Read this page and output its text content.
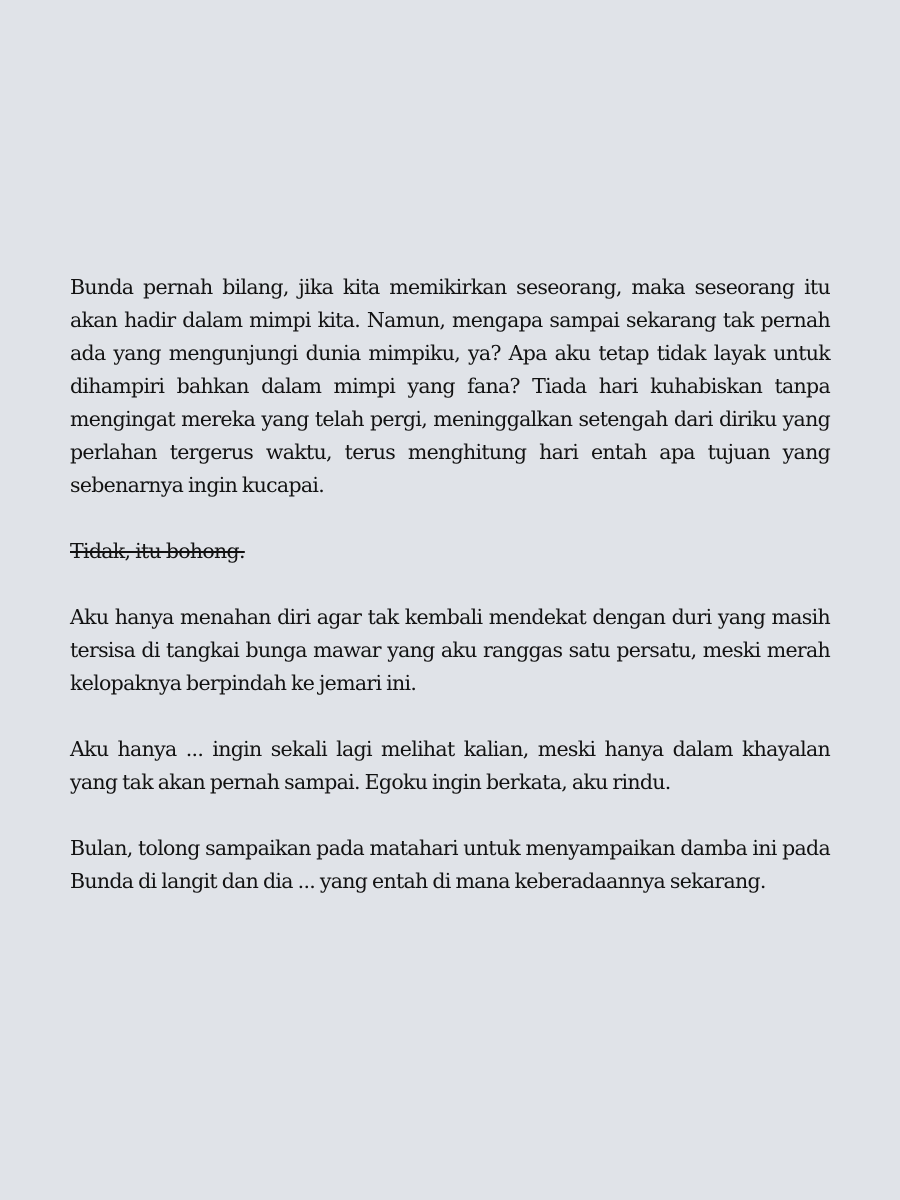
Bunda pernah bilang, jika kita memikirkan seseorang, maka seseorang itu akan hadir dalam mimpi kita. Namun, mengapa sampai sekarang tak pernah ada yang mengunjungi dunia mimpiku, ya? Apa aku tetap tidak layak untuk dihampiri bahkan dalam mimpi yang fana? Tiada hari kuhabiskan tanpa mengingat mereka yang telah pergi, meninggalkan setengah dari diriku yang perlahan tergerus waktu, terus menghitung hari entah apa tujuan yang sebenarnya ingin kucapai.

Tidak, itu bohong.

Aku hanya menahan diri agar tak kembali mendekat dengan duri yang masih tersisa di tangkai bunga mawar yang aku ranggas satu persatu, meski merah kelopaknya berpindah ke jemari ini.

Aku hanya ... ingin sekali lagi melihat kalian, meski hanya dalam khayalan yang tak akan pernah sampai. Egoku ingin berkata, aku rindu.

Bulan, tolong sampaikan pada matahari untuk menyampaikan damba ini pada Bunda di langit dan dia ... yang entah di mana keberadaannya sekarang.
